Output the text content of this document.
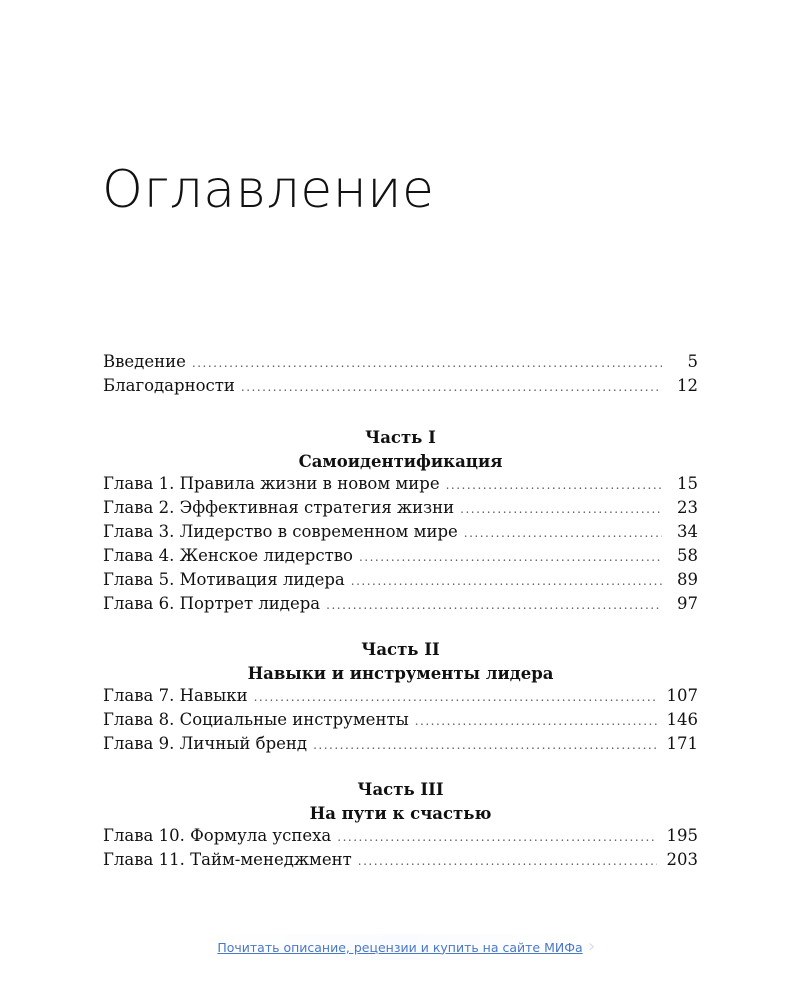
Оглавление
Введение .....	5
Благодарности .....	12
Часть I
Самоидентификация
Глава 1. Правила жизни в новом мире .....	15
Глава 2. Эффективная стратегия жизни .....	23
Глава 3. Лидерство в современном мире .....	34
Глава 4. Женское лидерство .....	58
Глава 5. Мотивация лидера .....	89
Глава 6. Портрет лидера .....	97
Часть II
Навыки и инструменты лидера
Глава 7. Навыки .....	107
Глава 8. Социальные инструменты .....	146
Глава 9. Личный бренд .....	171
Часть III
На пути к счастью
Глава 10. Формула успеха .....	195
Глава 11. Тайм-менеджмент .....	203
Почитать описание, рецензии и купить на сайте МИФа ›
